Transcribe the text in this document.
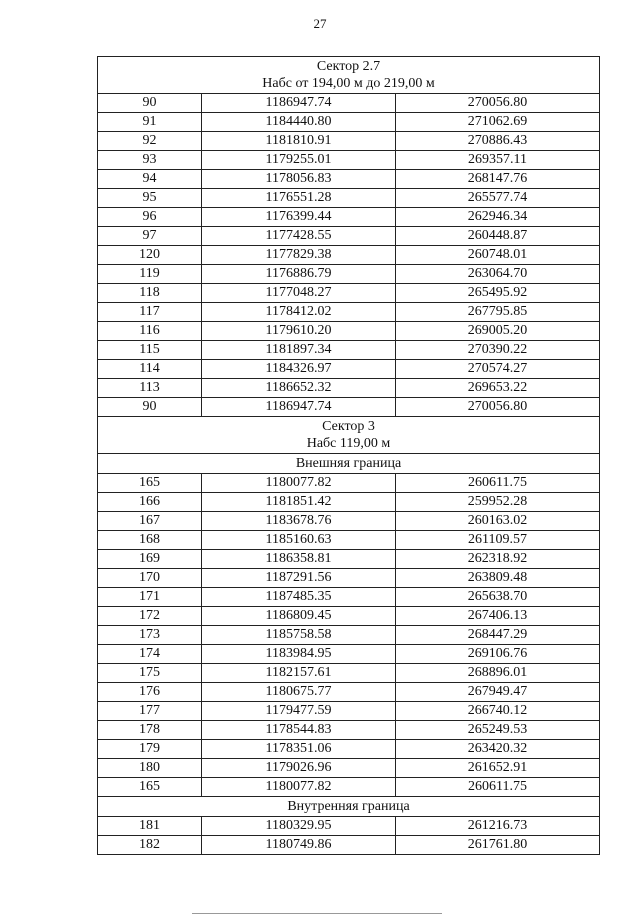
27
Сектор 2.7
Набс от 194,00 м до 219,00 м		

90	1186947.74	270056.80
91	1184440.80	271062.69
92	1181810.91	270886.43
93	1179255.01	269357.11
94	1178056.83	268147.76
95	1176551.28	265577.74
96	1176399.44	262946.34
97	1177428.55	260448.87
120	1177829.38	260748.01
119	1176886.79	263064.70
118	1177048.27	265495.92
117	1178412.02	267795.85
116	1179610.20	269005.20
115	1181897.34	270390.22
114	1184326.97	270574.27
113	1186652.32	269653.22
90	1186947.74	270056.80

Сектор 3
Набс 119,00 м		

Внешняя граница		
165	1180077.82	260611.75
166	1181851.42	259952.28
167	1183678.76	260163.02
168	1185160.63	261109.57
169	1186358.81	262318.92
170	1187291.56	263809.48
171	1187485.35	265638.70
172	1186809.45	267406.13
173	1185758.58	268447.29
174	1183984.95	269106.76
175	1182157.61	268896.01
176	1180675.77	267949.47
177	1179477.59	266740.12
178	1178544.83	265249.53
179	1178351.06	263420.32
180	1179026.96	261652.91
165	1180077.82	260611.75
Внутренняя граница		
181	1180329.95	261216.73
182	1180749.86	261761.80
